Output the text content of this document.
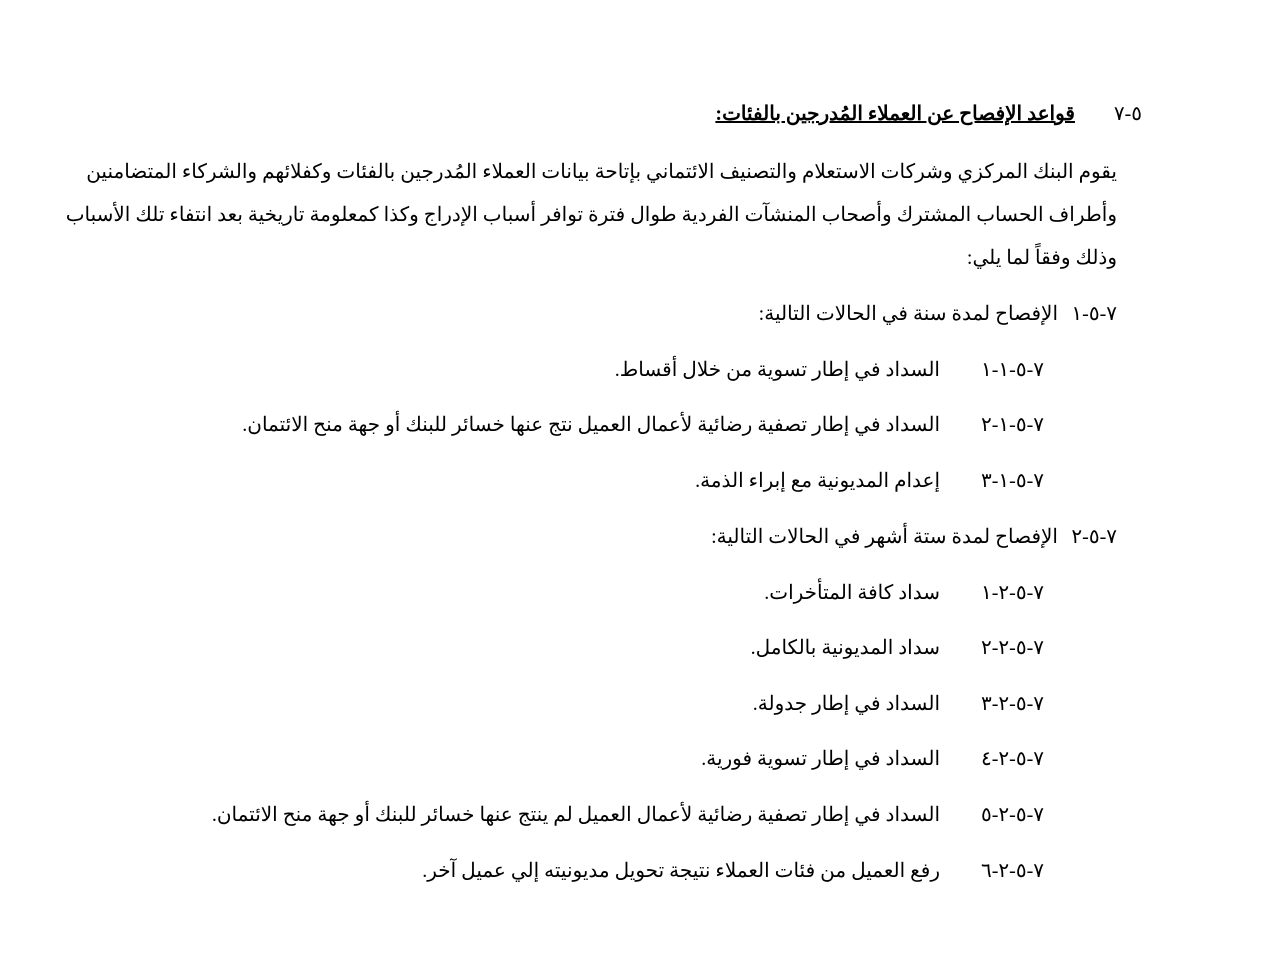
٥-٧ قواعد الإفصاح عن العملاء المُدرجين بالفئات:
يقوم البنك المركزي وشركات الاستعلام والتصنيف الائتماني بإتاحة بيانات العملاء المُدرجين بالفئات وكفلائهم والشركاء المتضامنين
وأطراف الحساب المشترك وأصحاب المنشآت الفردية طوال فترة توافر أسباب الإدراج وكذا كمعلومة تاريخية بعد انتفاء تلك الأسباب
وذلك وفقاً لما يلي:
٧-٥-١ الإفصاح لمدة سنة في الحالات التالية:
٧-٥-١-١السداد في إطار تسوية من خلال أقساط.
٧-٥-١-٢السداد في إطار تصفية رضائية لأعمال العميل نتج عنها خسائر للبنك أو جهة منح الائتمان.
٧-٥-١-٣إعدام المديونية مع إبراء الذمة.
٧-٥-٢ الإفصاح لمدة ستة أشهر في الحالات التالية:
٧-٥-٢-١سداد كافة المتأخرات.
٧-٥-٢-٢سداد المديونية بالكامل.
٧-٥-٢-٣السداد في إطار جدولة.
٧-٥-٢-٤السداد في إطار تسوية فورية.
٧-٥-٢-٥السداد في إطار تصفية رضائية لأعمال العميل لم ينتج عنها خسائر للبنك أو جهة منح الائتمان.
٧-٥-٢-٦رفع العميل من فئات العملاء نتيجة تحويل مديونيته إلي عميل آخر.
